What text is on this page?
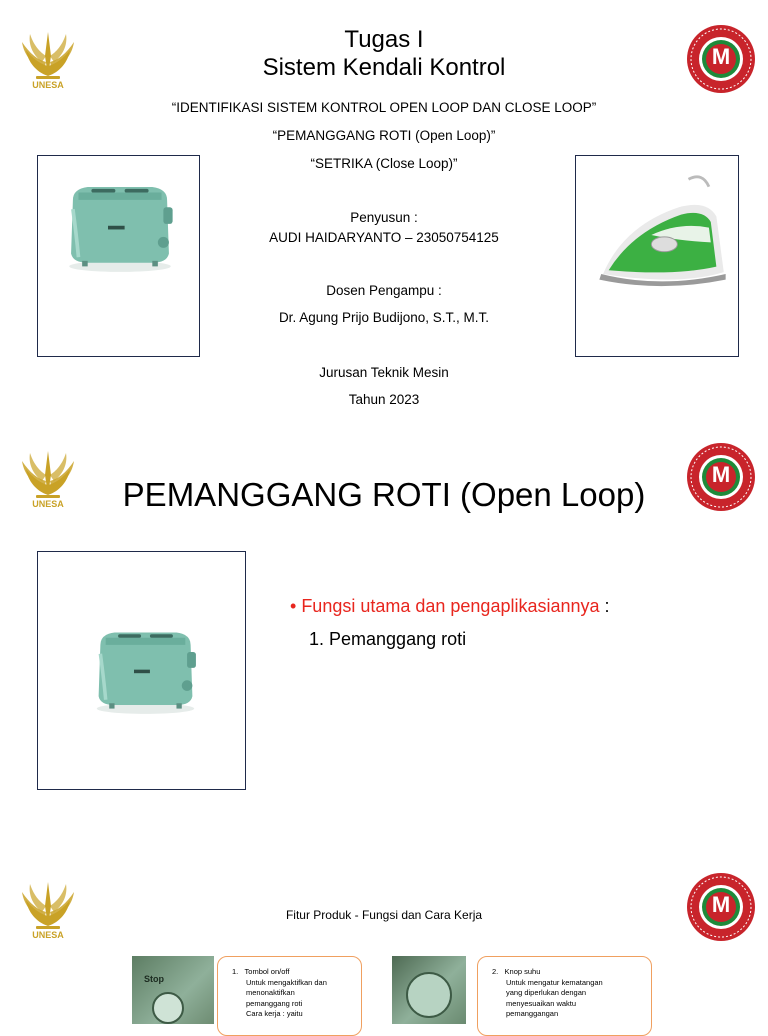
UNESA
M
Tugas I
Sistem Kendali Kontrol
“IDENTIFIKASI SISTEM KONTROL OPEN LOOP DAN CLOSE LOOP”
“PEMANGGANG ROTI (Open Loop)”
“SETRIKA (Close Loop)”
Penyusun :
AUDI HAIDARYANTO – 23050754125
Dosen Pengampu :
Dr. Agung Prijo Budijono, S.T., M.T.
Jurusan Teknik Mesin
Tahun 2023
UNESA
M
PEMANGGANG ROTI (Open Loop)
• Fungsi utama dan pengaplikasiannya :
1. Pemanggang roti
UNESA
M
Fitur Produk - Fungsi dan Cara Kerja
Stop
1. Tombol on/off
Untuk mengaktifkan dan
menonaktifkan
pemanggang roti
Cara kerja : yaitu
2. Knop suhu
Untuk mengatur kematangan
yang diperlukan dengan
menyesuaikan waktu
pemanggangan
